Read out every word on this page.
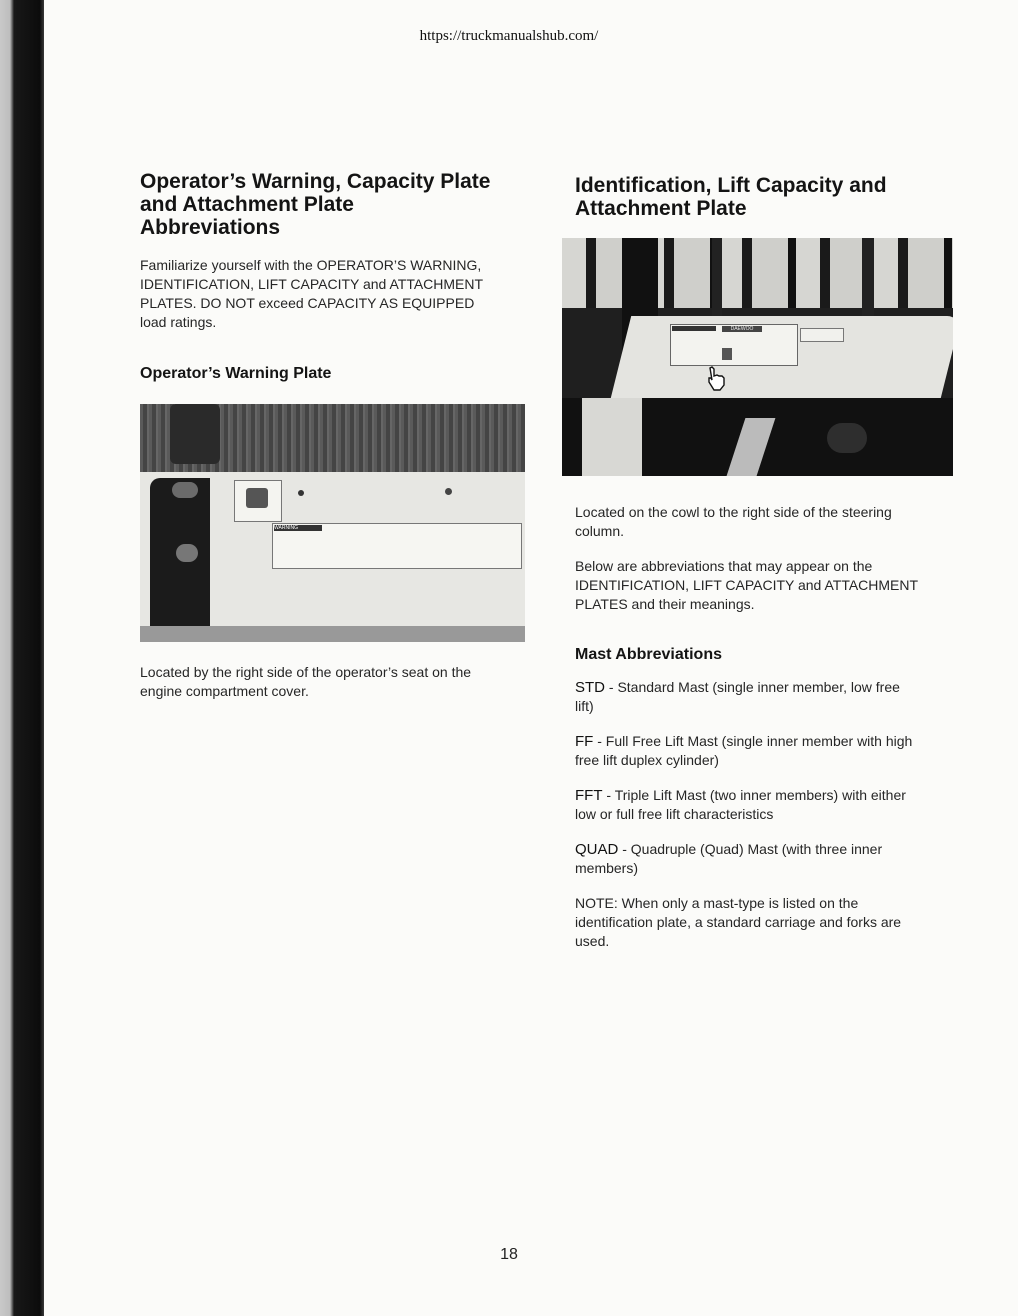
https://truckmanualshub.com/
Operator’s Warning, Capacity Plate
and Attachment Plate
Abbreviations

Familiarize yourself with the OPERATOR’S WARNING,
IDENTIFICATION, LIFT CAPACITY and ATTACHMENT
PLATES. DO NOT exceed CAPACITY AS EQUIPPED
load ratings.

Operator’s Warning Plate
WARNING

Located by the right side of the operator’s seat on the
engine compartment cover.

Identification, Lift Capacity and
Attachment Plate
DAEWOO

Located on the cowl to the right side of the steering
column.

Below are abbreviations that may appear on the
IDENTIFICATION, LIFT CAPACITY and ATTACHMENT
PLATES and their meanings.

Mast Abbreviations

STD - Standard Mast (single inner member, low free
lift)

FF - Full Free Lift Mast (single inner member with high
free lift duplex cylinder)

FFT - Triple Lift Mast (two inner members) with either
low or full free lift characteristics

QUAD - Quadruple (Quad) Mast (with three inner
members)

NOTE: When only a mast-type is listed on the
identification plate, a standard carriage and forks are
used.

18
